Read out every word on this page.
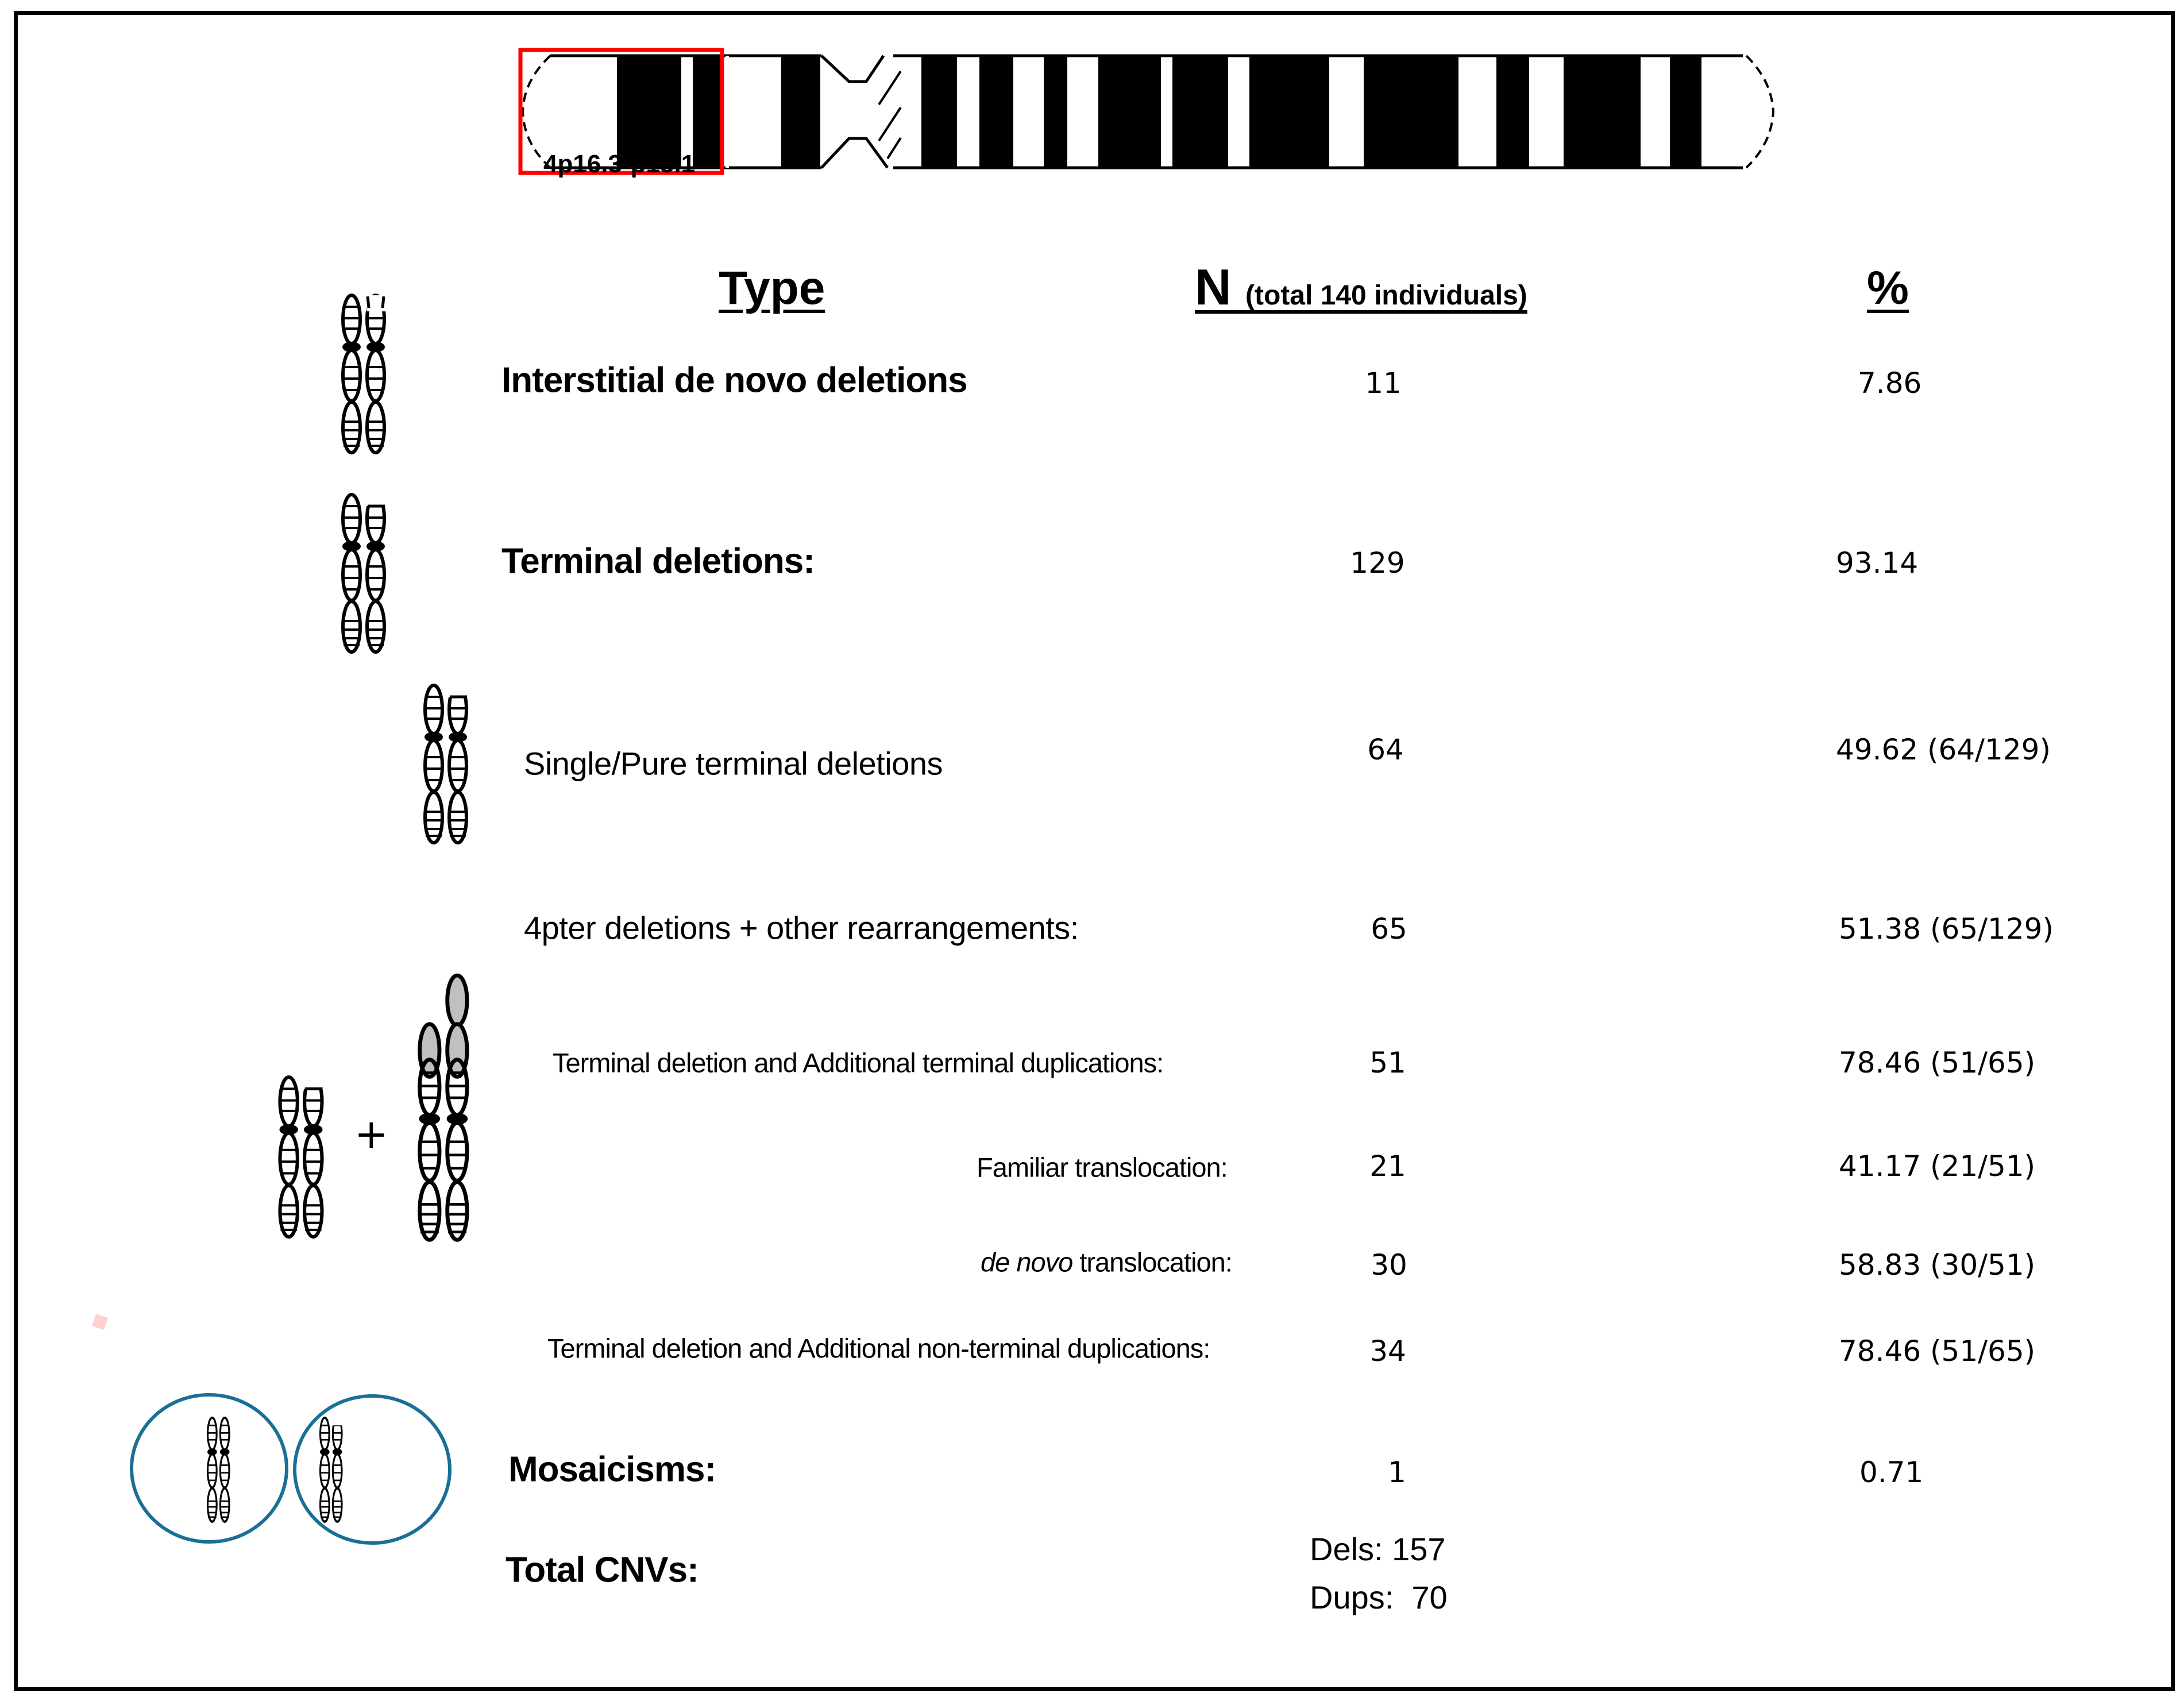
4p16.3-p15.1
Type	N (total 140 individuals)	%
+
Interstitial de novo deletions	11	7.86
Terminal deletions:	129	93.14
Single/Pure terminal deletions	64	49.62 (64/129)
4pter deletions + other rearrangements:	65	51.38 (65/129)
Terminal deletion and Additional terminal duplications:	51	78.46 (51/65)
Familiar translocation:	21	41.17 (21/51)
de novo translocation:	30	58.83 (30/51)
Terminal deletion and Additional non-terminal duplications:	34	78.46 (51/65)
Mosaicisms:	1	0.71
Total CNVs:
Dels: 157
Dups:  70
